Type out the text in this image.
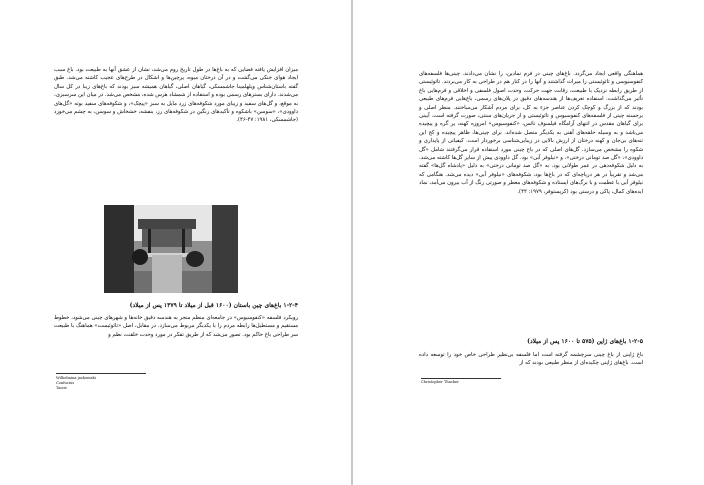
میزان افزایش یافته فضایی که به باغ‌ها در طول تاریخ روم می‌شد، نشان از عشق آنها به طبیعت بود. باغ سبب ایجاد هوای خنکی می‌گشت و در آن درختان میوه، پرچین‌ها و اشکال در طرح‌های عجیب کاشته می‌شد. طبق گفته باستان‌شناس ویلهلمینا جاشمسکی، گیاهان اصلی، گیاهان همیشه سبز بودند که باغ‌های زیبا در کل سال می‌شدند. دارای بسترهای رسمی بوده و استفاده از شمشاد هرس شده، مشخص می‌شد. در میان این سرسبزی، به موقع، و گل‌های سفید و زیبای مورد شکوفه‌های زرد مایل به سبز «پیچک»، و شکوفه‌های سفید بوته «گل‌های داوودی»، «سوسن» باشکوه و تأکیدهای رنگین در شکوفه‌های رز، بنفشه، خشخاش و سوسن، به چشم می‌خورد (جاشمسکی، ۱۹۸۱: ۴۷-۴۶).

۱-۲-۴ باغ‌های چین باستان (۱۶۰۰ قبل از میلاد تا ۱۳۷۹ پس از میلاد)

رویکرد فلسفه «کنفوسیوس» در جامعه‌ای منظم منجر به هندسه دقیق خانه‌ها و شهرهای چینی می‌شود، خطوط مستقیم و مستطیل‌ها رابطه مردم را با یکدیگر مربوط می‌سازد. در مقابل، اصل «تائوئیست» هماهنگ با طبیعت سر طراحی باغ حاکم بود. تصور می‌شد که از طریق تفکر در مورد وحدت خلقت، نظم و

Wilhelmina jashemski
Confucius
Taoist

هماهنگی واقعی ایجاد می‌گردد. باغ‌های چینی در فرم نمادین، را نشان می‌دادند. چینی‌ها فلسفه‌های کنفوسیوسی و تائوئیستی را میراث گذاشتند و آنها را در کنار هم در طراحی به کار می‌بردند. تائوئیستی از طریق رابطه نزدیک با طبیعت، رقابت جهت حرکت، وحدت اصول فلسفی و اخلاقی و فرم‌هایی باغ تأثیر می‌گذاشت. استفاده تعریف‌ها از هندسه‌های دقیق در پلان‌های رسمی، باغ‌هایی فرم‌های طبیعی بودند که از بزرگ و کوچک کردن عناصر جزء به کل، برای مردم آشکار می‌ساختند. منظر اصلی و برجسته چینی از فلسفه‌های کنفوسیوس و تائوئیستی و از جریان‌های سنتی، صورت گرفته است. آیینی برای گیاهان مقدس در انتهای آرامگاه فیلسوف نائس، «کنفوسیوس» امروزه کهنه، پر گره و پیچیده می‌باشد و به وسیله حلقه‌های آهنی به یکدیگر متصل شده‌اند. برای چینی‌ها، ظاهر پیچیده و کج این تنه‌های بی‌جان و کهنه درختان از ارزش بالایی در زیبایی‌شناسی برخوردار است. کیفیاتی از پایداری و شکوه را مشخص می‌سازد. گل‌های اصلی که در باغ چینی مورد استفاده قرار می‌گرفتند شامل «گل داوودی»، «گل صد تومانی درختی»، و «نیلوفر آبی» بود. گل داوودی پیش از سایر گل‌ها کاشته می‌شد. به دلیل شکوفه‌دهی در عمر طولانی بود. به «گل صد تومانی درختی» به دلیل «پادشاه گل‌ها» گفته می‌شد و تقریباً در هر دریاچه‌ای که در باغ‌ها بود، شکوفه‌های «نیلوفر آبی» دیده می‌شد. هنگامی که نیلوفر آبی با عظمت و با برگ‌های ایستاده و شکوفه‌های معطر و صورتی رنگ از آب بیرون می‌آمد، نماد ایده‌های کمال، پاکی و درستی بود (کریستوفر، ۱۹۷۹: ۴۴).

۱-۲-۵ باغ‌های ژاپن (۵۷۵ تا ۱۶۰۰ پس از میلاد)

باغ ژاپنی از باغ چینی سرچشمه گرفته است اما فلسفه بی‌نظیر طراحی خاص خود را توسعه داده است. باغ‌های ژاپنی چکیده‌ای از منظر طبیعی بودند که از

Christopher Thacker
